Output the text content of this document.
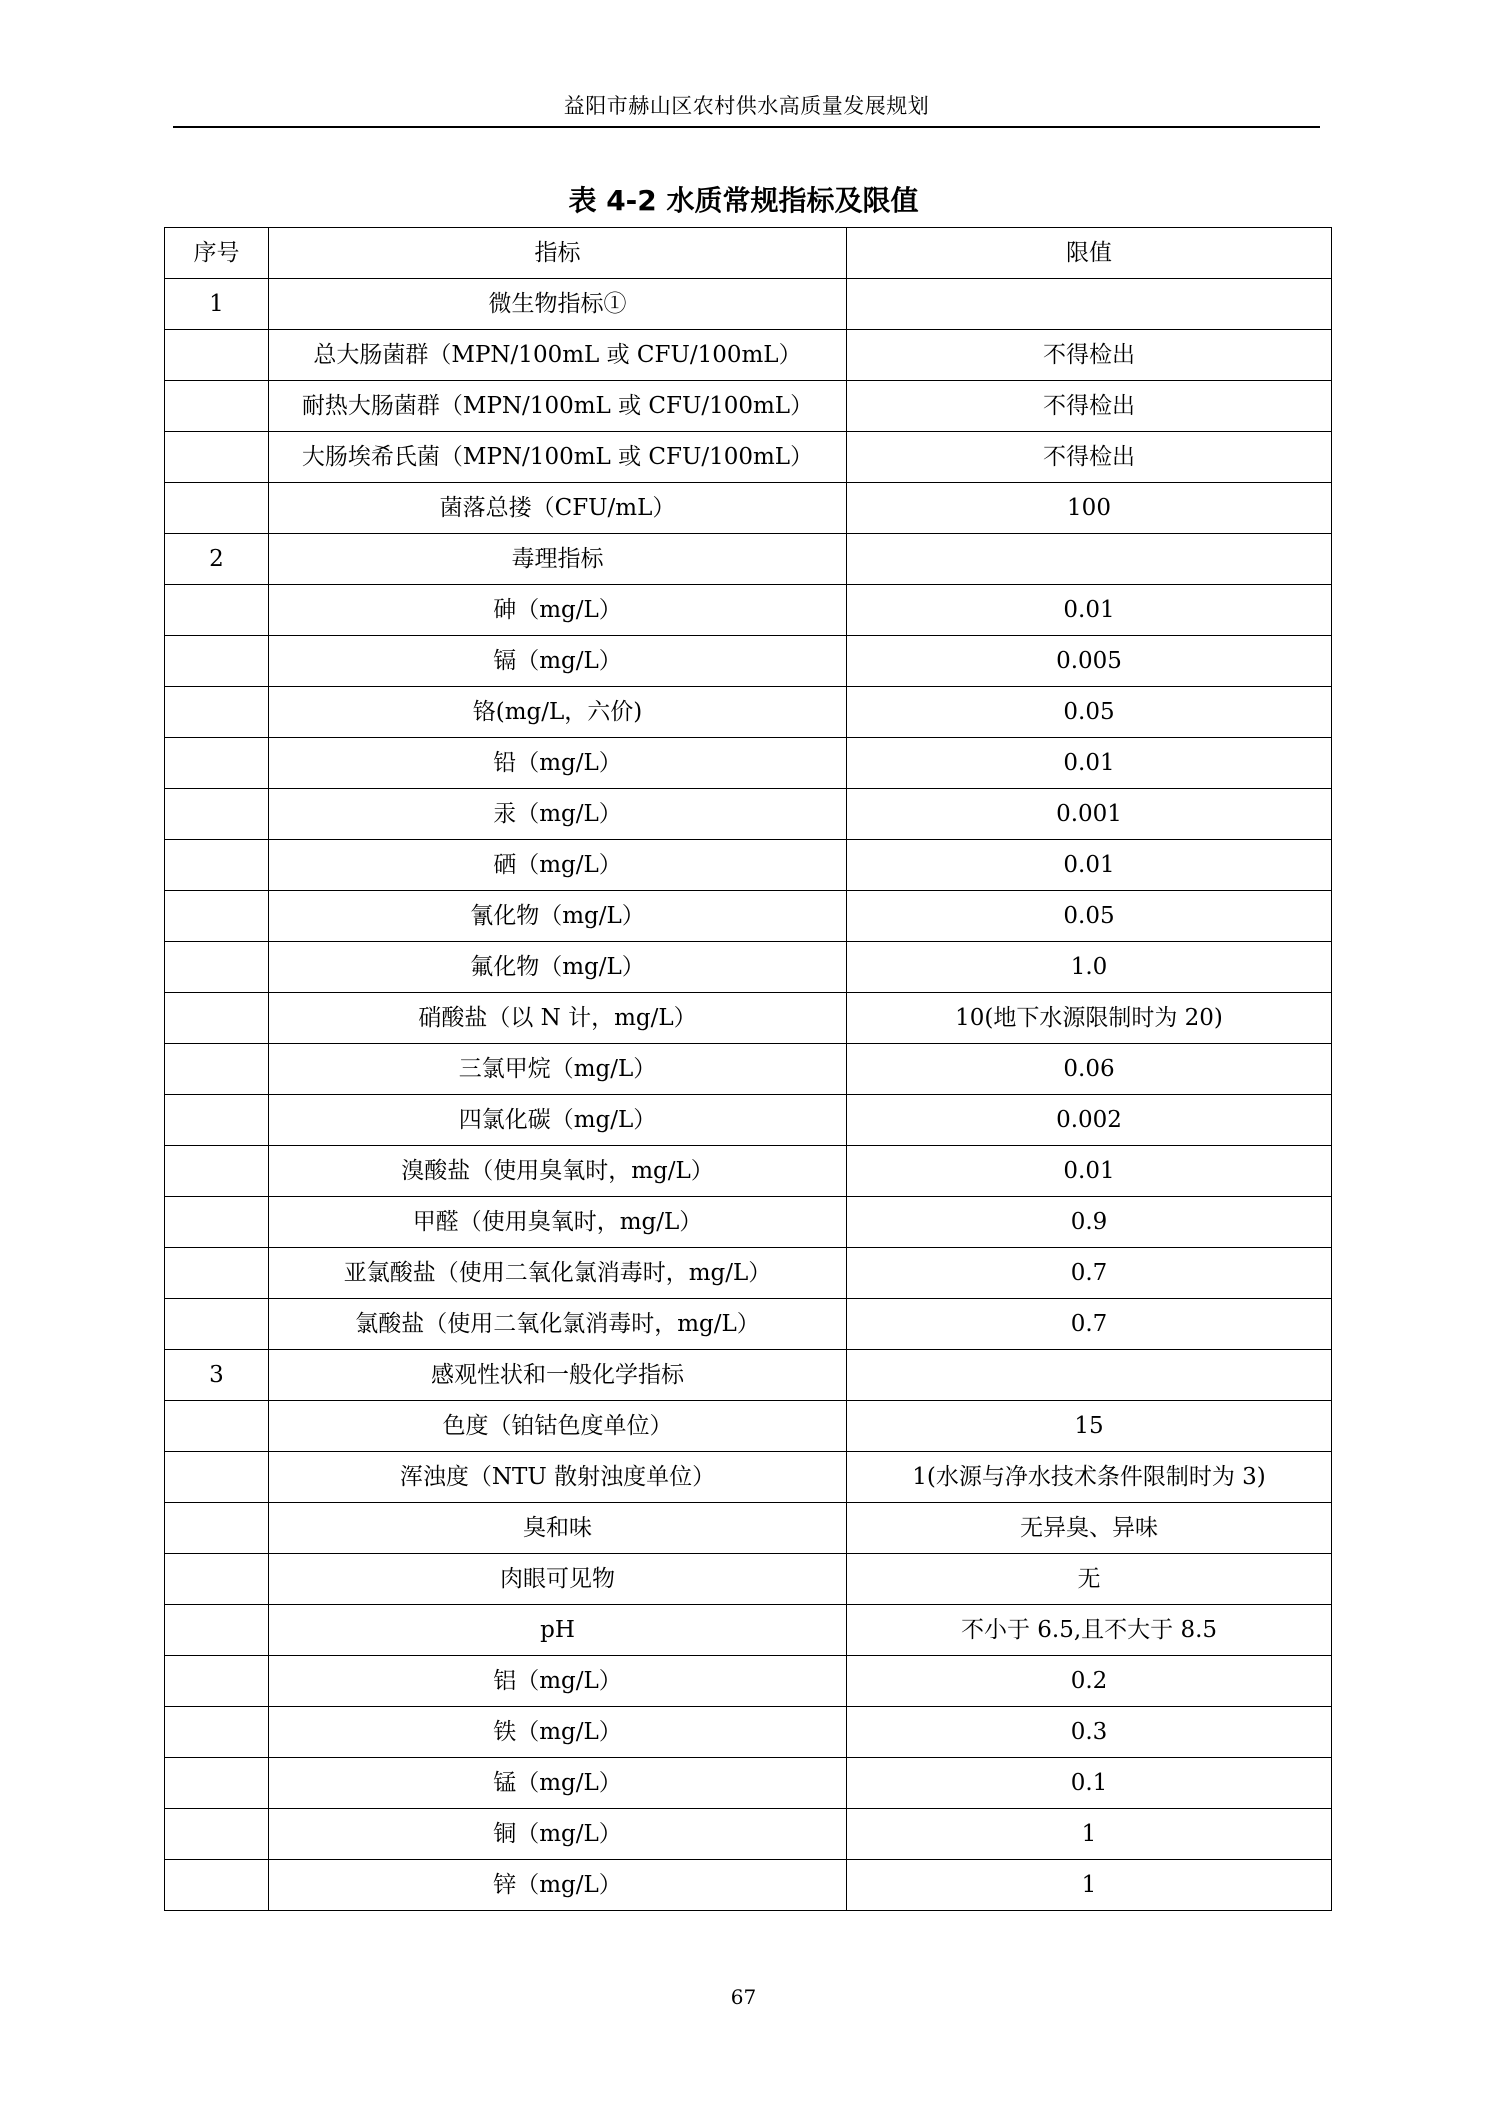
益阳市赫山区农村供水高质量发展规划
表 4-2 水质常规指标及限值
序号	指标	限值
1	微生物指标①	
	总大肠菌群（MPN/100mL 或 CFU/100mL）	不得检出
	耐热大肠菌群（MPN/100mL 或 CFU/100mL）	不得检出
	大肠埃希氏菌（MPN/100mL 或 CFU/100mL）	不得检出
	菌落总搂（CFU/mL）	100
2	毒理指标	
	砷（mg/L）	0.01
	镉（mg/L）	0.005
	铬(mg/L，六价)	0.05
	铅（mg/L）	0.01
	汞（mg/L）	0.001
	硒（mg/L）	0.01
	氰化物（mg/L）	0.05
	氟化物（mg/L）	1.0
	硝酸盐（以 N 计，mg/L）	10(地下水源限制时为 20)
	三氯甲烷（mg/L）	0.06
	四氯化碳（mg/L）	0.002
	溴酸盐（使用臭氧时，mg/L）	0.01
	甲醛（使用臭氧时，mg/L）	0.9
	亚氯酸盐（使用二氧化氯消毒时，mg/L）	0.7
	氯酸盐（使用二氧化氯消毒时，mg/L）	0.7
3	感观性状和一般化学指标	
	色度（铂钴色度单位）	15
	浑浊度（NTU 散射浊度单位）	1(水源与净水技术条件限制时为 3)
	臭和味	无异臭、异味
	肉眼可见物	无
	pH	不小于 6.5,且不大于 8.5
	铝（mg/L）	0.2
	铁（mg/L）	0.3
	锰（mg/L）	0.1
	铜（mg/L）	1
	锌（mg/L）	1
67
